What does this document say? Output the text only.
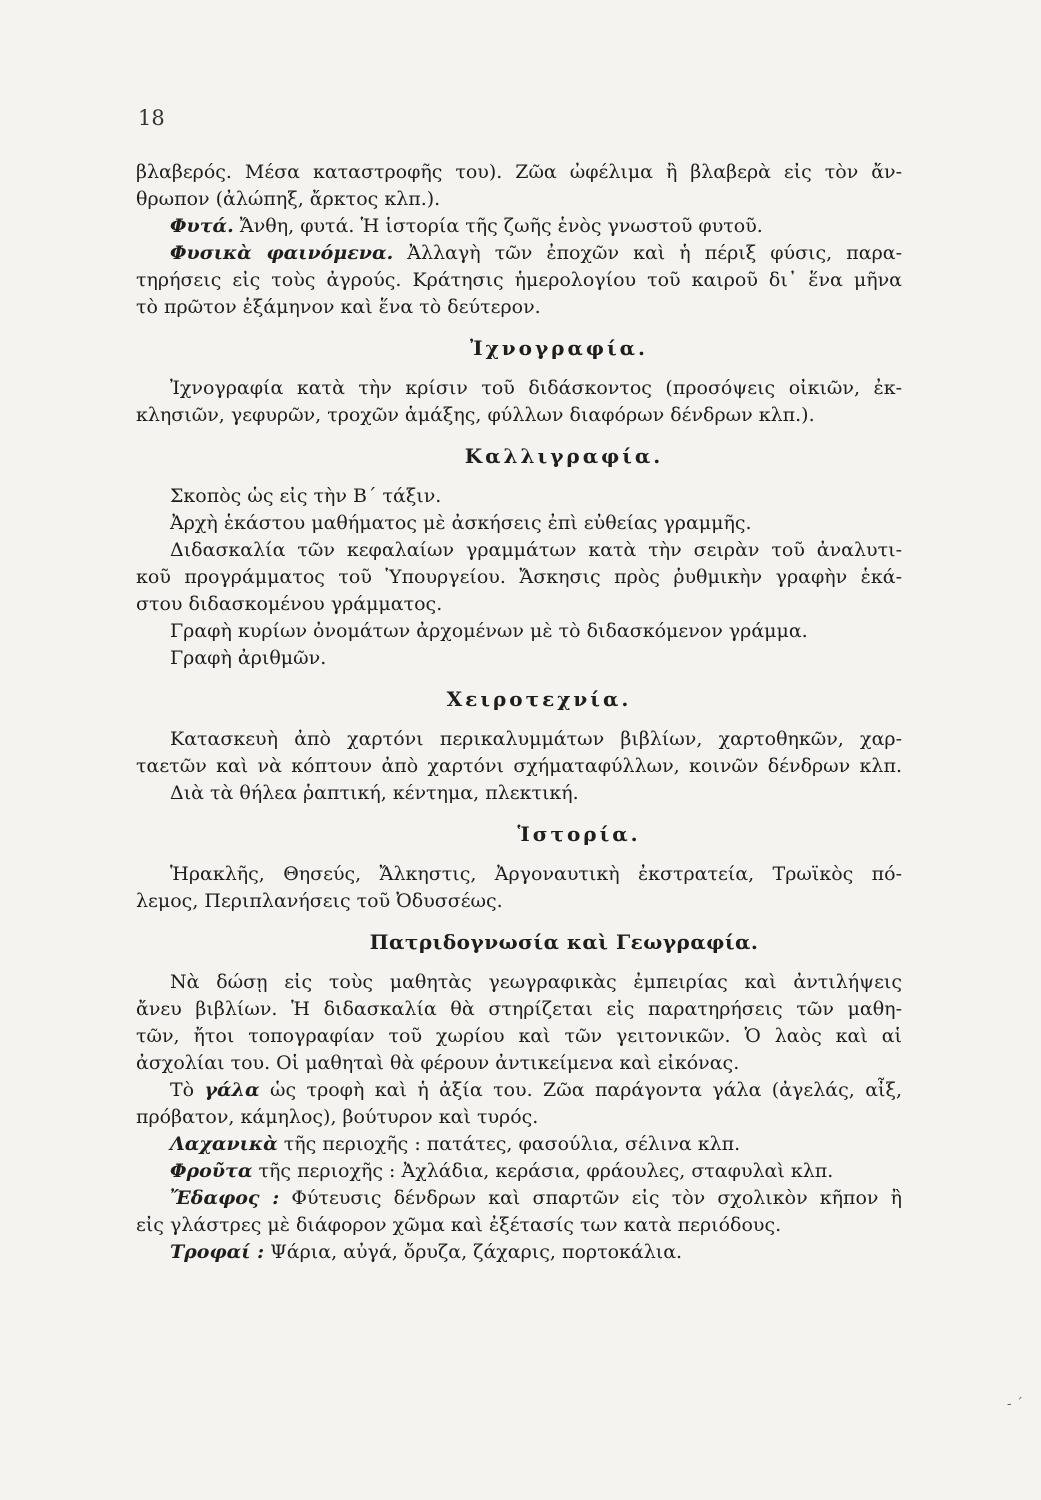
18
βλαβερός. Μέσα καταστροφῆς του). Ζῶα ὠφέλιμα ἢ βλαβερὰ εἰς τὸν ἄν-
θρωπον (ἀλώπηξ, ἄρκτος κλπ.).
Φυτά. Ἄνθη, φυτά. Ἡ ἱστορία τῆς ζωῆς ἑνὸς γνωστοῦ φυτοῦ.
Φυσικὰ φαινόμενα. Ἀλλαγὴ τῶν ἐποχῶν καὶ ἡ πέριξ φύσις, παρα-
τηρήσεις εἰς τοὺς ἀγρούς. Κράτησις ἡμερολογίου τοῦ καιροῦ δι᾿ ἕνα μῆνα
τὸ πρῶτον ἑξάμηνον καὶ ἕνα τὸ δεύτερον.
Ἰχνογραφία.
Ἰχνογραφία κατὰ τὴν κρίσιν τοῦ διδάσκοντος (προσόψεις οἰκιῶν, ἐκ-
κλησιῶν, γεφυρῶν, τροχῶν ἁμάξης, φύλλων διαφόρων δένδρων κλπ.).
Καλλιγραφία.
Σκοπὸς ὡς εἰς τὴν Β΄ τάξιν.
Ἀρχὴ ἑκάστου μαθήματος μὲ ἀσκήσεις ἐπὶ εὐθείας γραμμῆς.
Διδασκαλία τῶν κεφαλαίων γραμμάτων κατὰ τὴν σειρὰν τοῦ ἀναλυτι-
κοῦ προγράμματος τοῦ Ὑπουργείου. Ἄσκησις πρὸς ῥυθμικὴν γραφὴν ἑκά-
στου διδασκομένου γράμματος.
Γραφὴ κυρίων ὀνομάτων ἀρχομένων μὲ τὸ διδασκόμενον γράμμα.
Γραφὴ ἀριθμῶν.
Χειροτεχνία.
Κατασκευὴ ἀπὸ χαρτόνι περικαλυμμάτων βιβλίων, χαρτοθηκῶν, χαρ-
ταετῶν καὶ νὰ κόπτουν ἀπὸ χαρτόνι σχήματαφύλλων, κοινῶν δένδρων κλπ.
Διὰ τὰ θήλεα ῥαπτική, κέντημα, πλεκτική.
Ἱστορία.
Ἡρακλῆς, Θησεύς, Ἄλκηστις, Ἀργοναυτικὴ ἐκστρατεία, Τρωϊκὸς πό-
λεμος, Περιπλανήσεις τοῦ Ὀδυσσέως.
Πατριδογνωσία καὶ Γεωγραφία.
Νὰ δώσῃ εἰς τοὺς μαθητὰς γεωγραφικὰς ἐμπειρίας καὶ ἀντιλήψεις
ἄνευ βιβλίων. Ἡ διδασκαλία θὰ στηρίζεται εἰς παρατηρήσεις τῶν μαθη-
τῶν, ἤτοι τοπογραφίαν τοῦ χωρίου καὶ τῶν γειτονικῶν. Ὁ λαὸς καὶ αἱ
ἀσχολίαι του. Οἱ μαθηταὶ θὰ φέρουν ἀντικείμενα καὶ εἰκόνας.
Τὸ γάλα ὡς τροφὴ καὶ ἡ ἀξία του. Ζῶα παράγοντα γάλα (ἀγελάς, αἶξ,
πρόβατον, κάμηλος), βούτυρον καὶ τυρός.
Λαχανικὰ τῆς περιοχῆς : πατάτες, φασούλια, σέλινα κλπ.
Φροῦτα τῆς περιοχῆς : Ἀχλάδια, κεράσια, φράουλες, σταφυλαὶ κλπ.
Ἔδαφος : Φύτευσις δένδρων καὶ σπαρτῶν εἰς τὸν σχολικὸν κῆπον ἢ
εἰς γλάστρες μὲ διάφορον χῶμα καὶ ἐξέτασίς των κατὰ περιόδους.
Τροφαί : Ψάρια, αὐγά, ὄρυζα, ζάχαρις, πορτοκάλια.
- ´
